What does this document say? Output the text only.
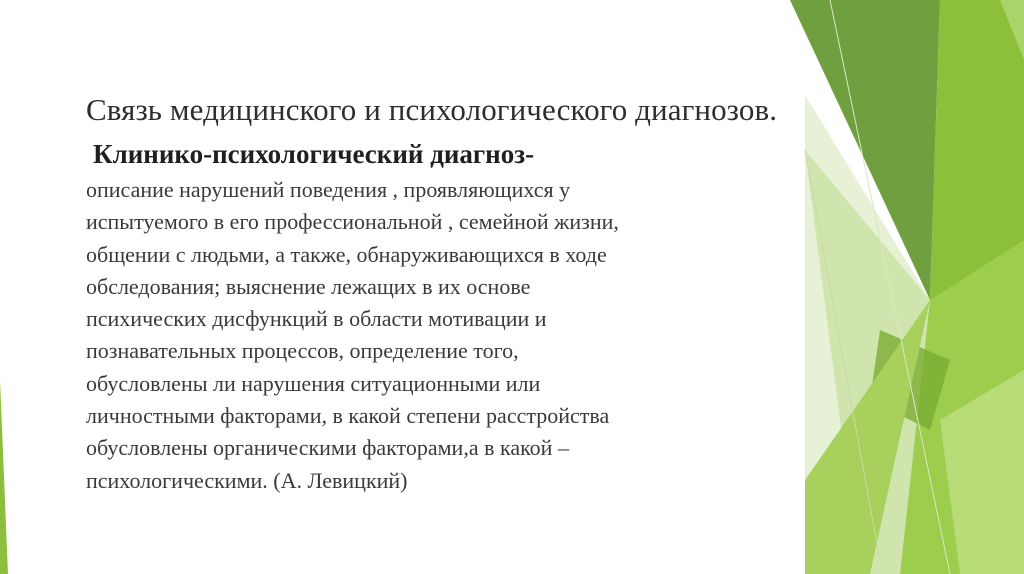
Связь медицинского и психологического диагнозов.
Клинико-психологический диагноз-

описание нарушений поведения , проявляющихся у
испытуемого в его профессиональной , семейной жизни,
общении с людьми, а также, обнаруживающихся в ходе
обследования; выяснение лежащих в их основе
психических дисфункций в области мотивации и
познавательных процессов, определение того,
обусловлены ли нарушения ситуационными или
личностными факторами, в какой степени расстройства
обусловлены органическими факторами,а в какой –
психологическими. (А. Левицкий)
